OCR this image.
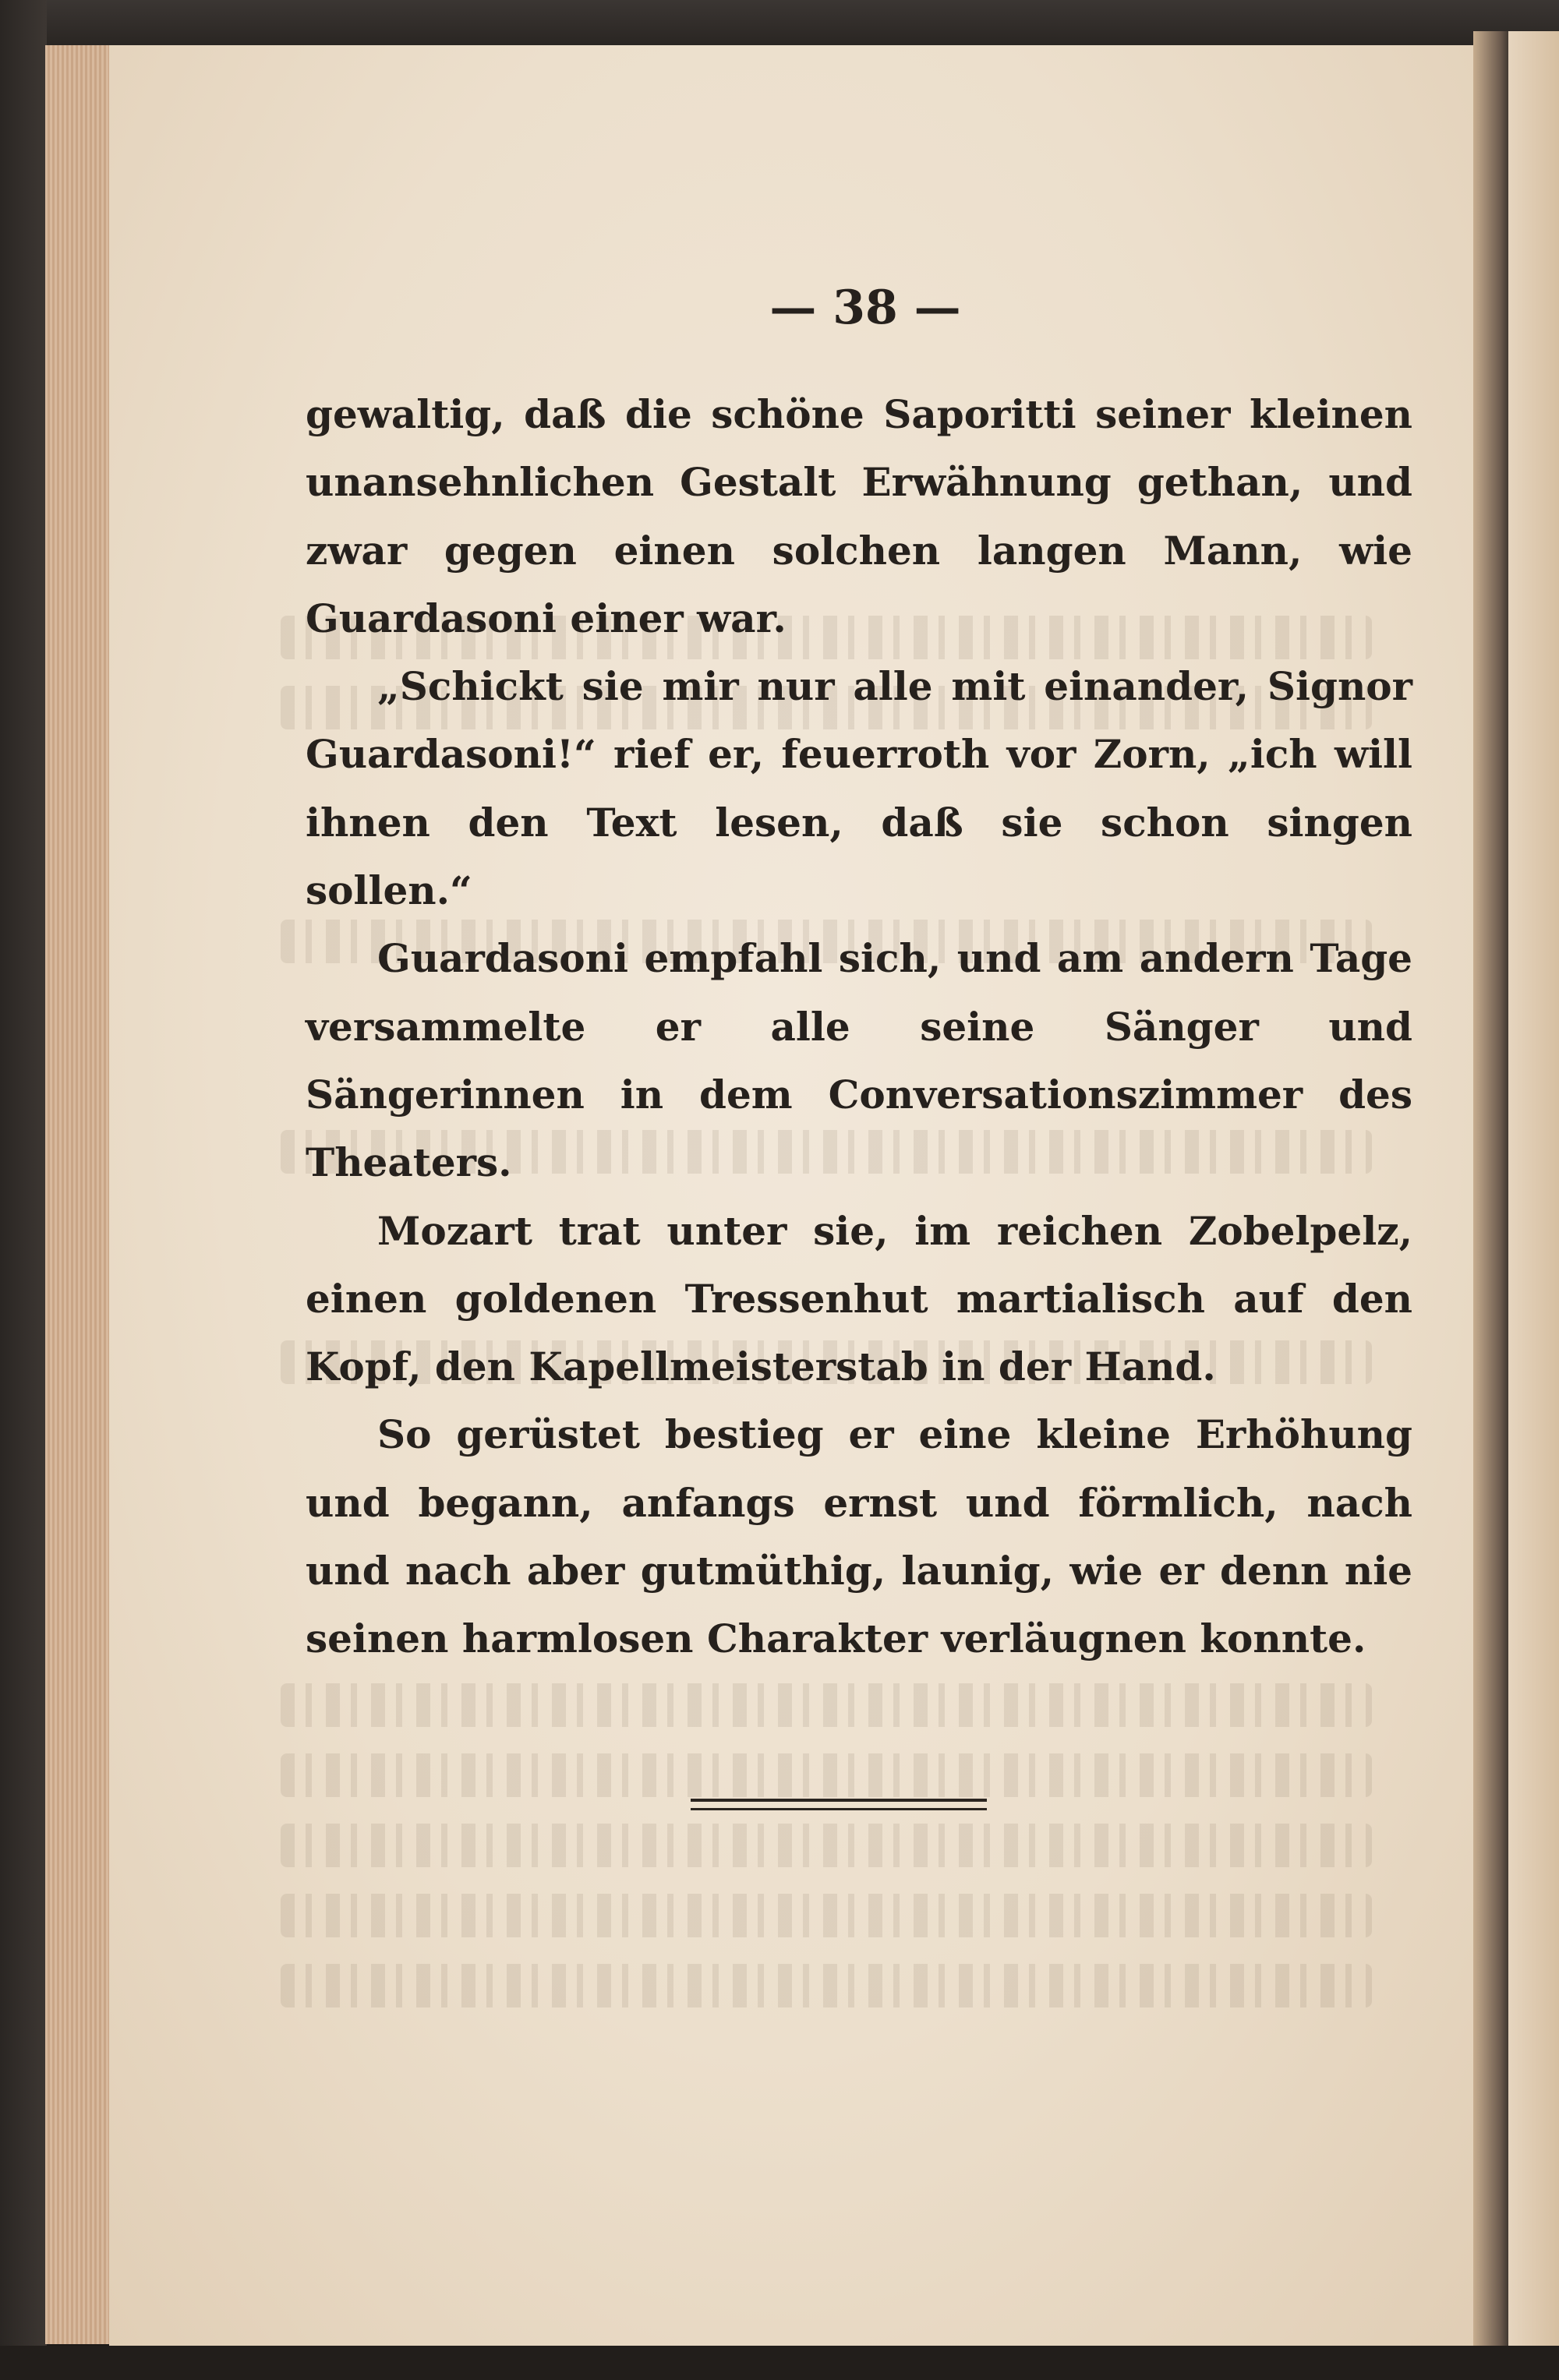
— 38 —

gewaltig, daß die schöne Saporitti seiner kleinen unansehnlichen Gestalt Erwähnung gethan, und zwar gegen einen solchen langen Mann, wie Guardasoni einer war.

„Schickt sie mir nur alle mit einander, Signor Guardasoni!“ rief er, feuerroth vor Zorn, „ich will ihnen den Text lesen, daß sie schon singen sollen.“

Guardasoni empfahl sich, und am andern Tage versammelte er alle seine Sänger und Sängerinnen in dem Conversationszimmer des Theaters.

Mozart trat unter sie, im reichen Zobelpelz, einen goldenen Tressenhut martialisch auf den Kopf, den Kapellmeisterstab in der Hand.

So gerüstet bestieg er eine kleine Erhöhung und begann, anfangs ernst und förmlich, nach und nach aber gutmüthig, launig, wie er denn nie seinen harmlosen Charakter verläugnen konnte.
